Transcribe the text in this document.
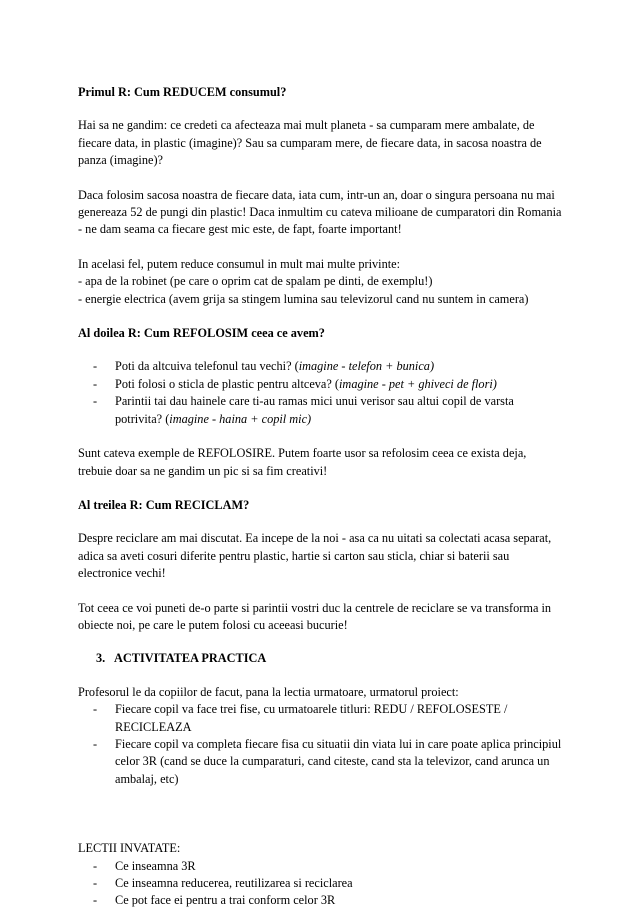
Primul R: Cum REDUCEM consumul?

Hai sa ne gandim: ce credeti ca afecteaza mai mult planeta - sa cumparam mere ambalate, de fiecare data, in plastic (imagine)? Sau sa cumparam mere, de fiecare data, in sacosa noastra de panza (imagine)?

Daca folosim sacosa noastra de fiecare data, iata cum, intr-un an, doar o singura persoana nu mai genereaza 52 de pungi din plastic! Daca inmultim cu cateva milioane de cumparatori din Romania - ne dam seama ca fiecare gest mic este, de fapt, foarte important!

In acelasi fel, putem reduce consumul in mult mai multe privinte:

- apa de la robinet (pe care o oprim cat de spalam pe dinti, de exemplu!)

- energie electrica (avem grija sa stingem lumina sau televizorul cand nu suntem in camera)

Al doilea R: Cum REFOLOSIM ceea ce avem?

- Poti da altcuiva telefonul tau vechi? (imagine - telefon + bunica)
- Poti folosi o sticla de plastic pentru altceva? (imagine - pet + ghiveci de flori)
- Parintii tai dau hainele care ti-au ramas mici unui verisor sau altui copil de varsta potrivita? (imagine - haina + copil mic)

Sunt cateva exemple de REFOLOSIRE. Putem foarte usor sa refolosim ceea ce exista deja, trebuie doar sa ne gandim un pic si sa fim creativi!

Al treilea R: Cum RECICLAM?

Despre reciclare am mai discutat. Ea incepe de la noi - asa ca nu uitati sa colectati acasa separat, adica sa aveti cosuri diferite pentru plastic, hartie si carton sau sticla, chiar si baterii sau electronice vechi!

Tot ceea ce voi puneti de-o parte si parintii vostri duc la centrele de reciclare se va transforma in obiecte noi, pe care le putem folosi cu aceeasi bucurie!

3. ACTIVITATEA PRACTICA

Profesorul le da copiilor de facut, pana la lectia urmatoare, urmatorul proiect:

- Fiecare copil va face trei fise, cu urmatoarele titluri: REDU / REFOLOSESTE / RECICLEAZA
- Fiecare copil va completa fiecare fisa cu situatii din viata lui in care poate aplica principiul celor 3R (cand se duce la cumparaturi, cand citeste, cand sta la televizor, cand arunca un ambalaj, etc)

LECTII INVATATE:

- Ce inseamna 3R
- Ce inseamna reducerea, reutilizarea si reciclarea
- Ce pot face ei pentru a trai conform celor 3R
